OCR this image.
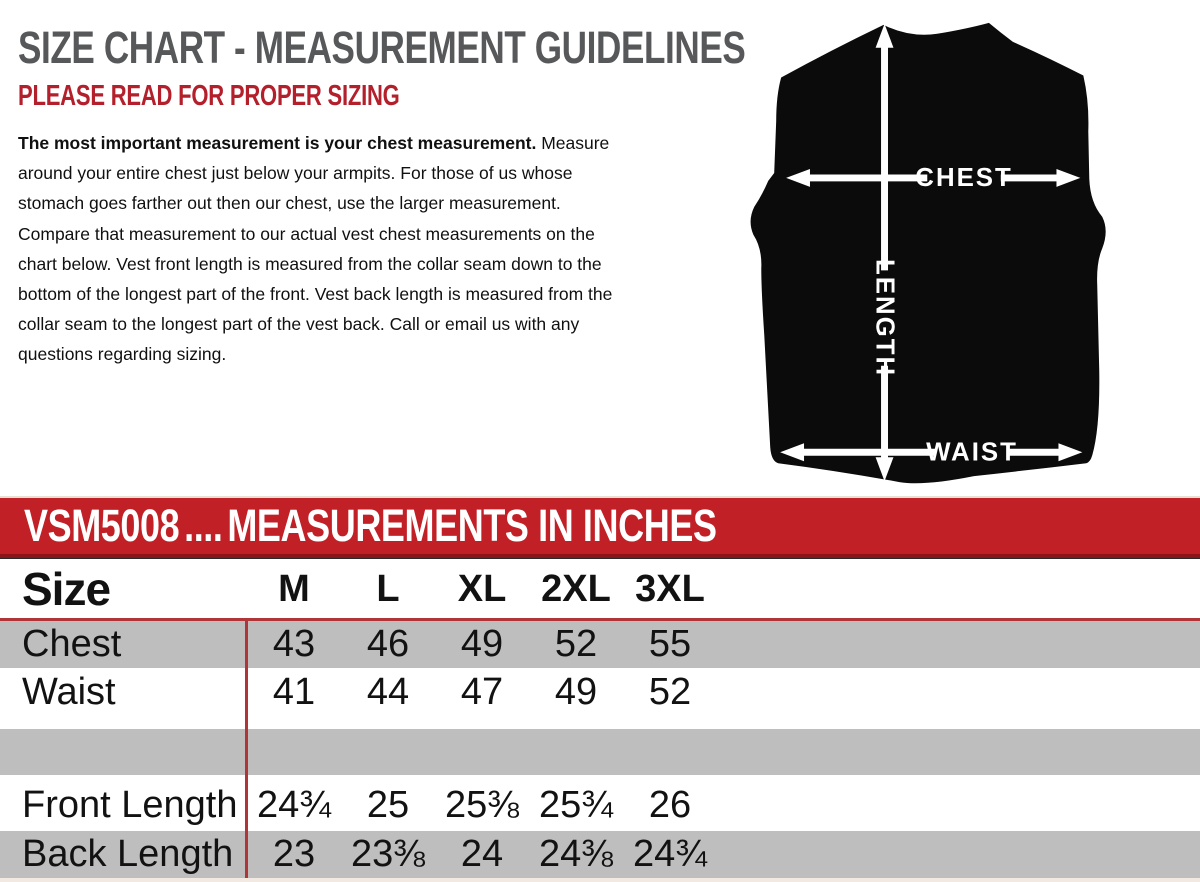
SIZE CHART - MEASUREMENT GUIDELINES
PLEASE READ FOR PROPER SIZING
The most important measurement is your chest measurement. Measure around your entire chest just below your armpits. For those of us whose stomach goes farther out then our chest, use the larger measurement. Compare that measurement to our actual vest chest measurements on the chart below. Vest front length is measured from the collar seam down to the bottom of the longest part of the front. Vest back length is measured from the collar seam to the longest part of the vest back. Call or email us with any questions regarding sizing.	LENGTH
CHEST
WAIST
VSM5008 .... MEASUREMENTS IN INCHES
Size	M	L	XL 2XL 3XL
Chest	43	46	49	52	55
Waist	41	44	47	49	52
Front Length 24¾ 25 25⅜ 25¾ 26
Back Length	23 23⅜ 24 24⅜ 24¾
